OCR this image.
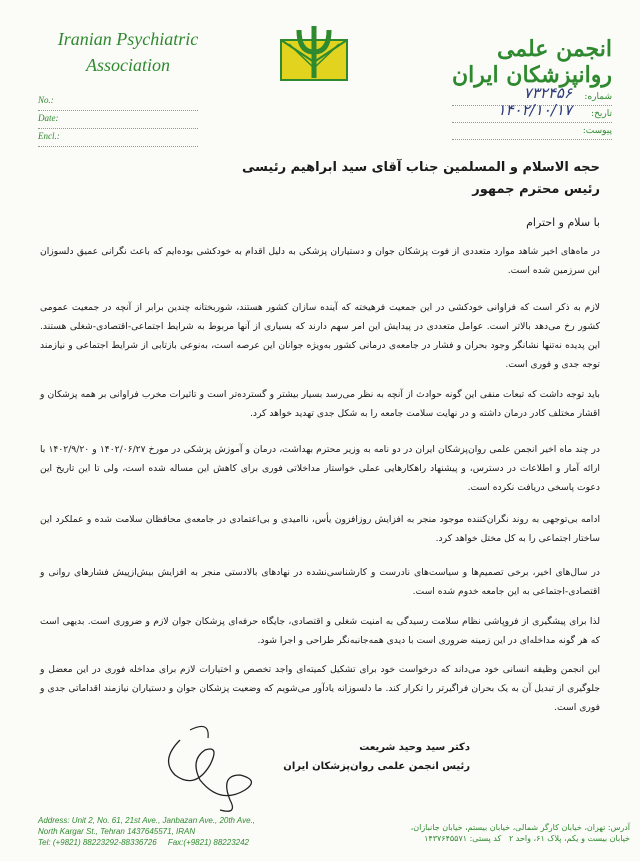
Iranian Psychiatric
Association
انجمن علمی روانپزشکان ایران
No.:
Date:
Encl.:
شماره:
۷۳۲۴۵۶
تاریخ:
۱۴۰۲/۱۰/۱۷
پیوست:
حجه الاسلام و المسلمین جناب آقای سید ابراهیم رئیسی
رئیس محترم جمهور
با سلام و احترام
در ماه‌های اخیر شاهد موارد متعددی از فوت پزشکان جوان و دستیاران پزشکی به دلیل اقدام به خودکشی بوده‌ایم که باعث نگرانی عمیق دلسوزان این سرزمین شده است.
لازم به ذکر است که فراوانی خودکشی در این جمعیت فرهیخته که آینده سازان کشور هستند، شوربختانه چندین برابر از آنچه در جمعیت عمومی کشور رخ می‌دهد بالاتر است. عوامل متعددی در پیدایش این امر سهم دارند که بسیاری از آنها مربوط به شرایط اجتماعی-اقتصادی-شغلی هستند. این پدیده نه‌تنها نشانگر وجود بحران و فشار در جامعه‌ی درمانی کشور به‌ویژه جوانان این عرصه است، به‌نوعی بازتابی از شرایط اجتماعی و نیازمند توجه جدی و فوری است.
باید توجه داشت که تبعات منفی این گونه حوادث از آنچه به نظر می‌رسد بسیار بیشتر و گسترده‌تر است و تاثیرات مخرب فراوانی بر همه پزشکان و اقشار مختلف کادر درمان داشته و در نهایت سلامت جامعه را به شکل جدی تهدید خواهد کرد.
در چند ماه اخیر انجمن علمی روان‌پزشکان ایران در دو نامه به وزیر محترم بهداشت، درمان و آموزش پزشکی در مورخ ۱۴۰۲/۰۶/۲۷ و ۱۴۰۲/۹/۲۰ با ارائه آمار و اطلاعات در دسترس، و پیشنهاد راهکارهایی عملی خواستار مداخلاتی فوری برای کاهش این مساله شده است، ولی تا این تاریخ این دعوت پاسخی دریافت نکرده است.
ادامه بی‌توجهی به روند نگران‌کننده موجود منجر به افزایش روزافزون یأس، ناامیدی و بی‌اعتمادی در جامعه‌ی محافظان سلامت شده و عملکرد این ساختار اجتماعی را به کل مختل خواهد کرد.
در سال‌های اخیر، برخی تصمیم‌ها و سیاست‌های نادرست و کارشناسی‌نشده در نهادهای بالادستی منجر به افزایش بیش‌ازپیش فشارهای روانی و اقتصادی-اجتماعی به این جامعه خدوم شده است.
لذا برای پیشگیری از فروپاشی نظام سلامت رسیدگی به امنیت شغلی و اقتصادی، جایگاه حرفه‌ای پزشکان جوان لازم و ضروری است. بدیهی است که هر گونه مداخله‌ای در این زمینه ضروری است با دیدی همه‌جانبه‌نگر طراحی و اجرا شود.
این انجمن وظیفه انسانی خود می‌داند که درخواست خود برای تشکیل کمیته‌ای واجد تخصص و اختیارات لازم برای مداخله فوری در این معضل و جلوگیری از تبدیل آن به یک بحران فراگیرتر را تکرار کند. ما دلسوزانه یادآور می‌شویم که وضعیت پزشکان جوان و دستیاران نیازمند اقداماتی جدی و فوری است.
دکتر سید وحید شریعت
رئیس انجمن علمی روان‌پزشکان ایران
Address: Unit 2, No. 61, 21st Ave., Janbazan Ave., 20th Ave.,
North Kargar St., Tehran 1437645571, IRAN
Tel: (+9821) 88223292-88336726 Fax:(+9821) 88223242
آدرس: تهران، خیابان کارگر شمالی، خیابان بیستم، خیابان جانبازان،
خیابان بیست و یکم، پلاک ۶۱، واحد ۲   کد پستی: ۱۴۳۷۶۴۵۵۷۱
